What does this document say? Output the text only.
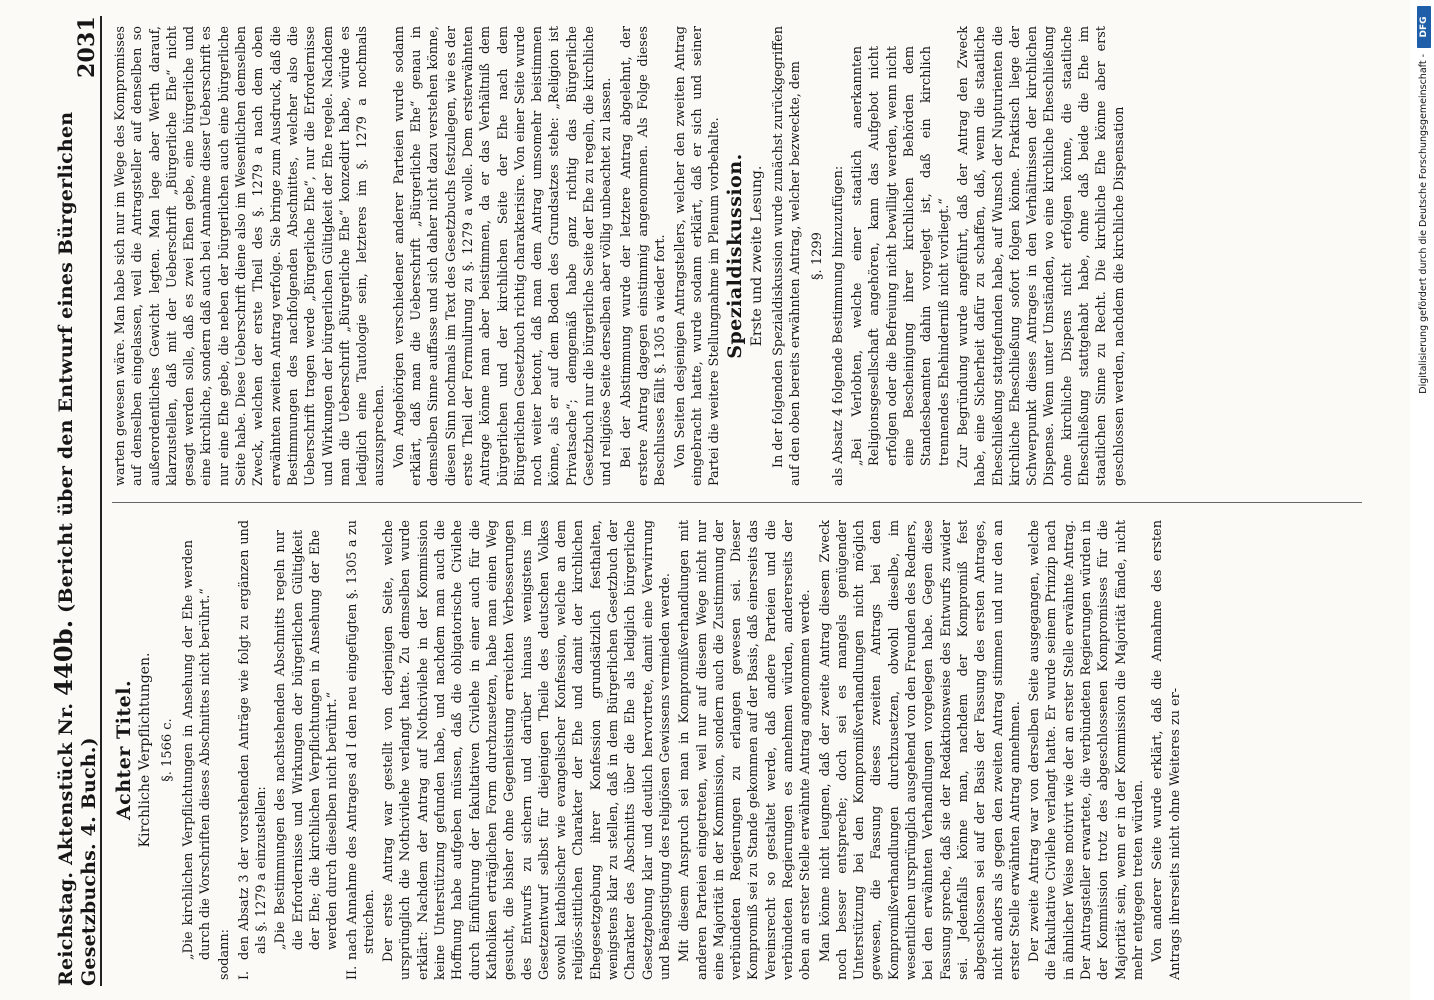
Reichstag. Aktenstück Nr. 440b. (Bericht über den Entwurf eines Bürgerlichen Gesetzbuchs. 4. Buch.)
2031
Achter Titel. Kirchliche Verpflichtungen. §. 1566 c. „Die kirchlichen Verpflichtungen in Ansehung der Ehe werden durch die Vorschriften dieses Abschnittes nicht berührt.“ sodann: I.den Absatz 3 der vorstehenden Anträge wie folgt zu ergänzen und als §. 1279 a einzustellen: „Die Bestimmungen des nachstehenden Abschnitts regeln nur die Erfordernisse und Wirkungen der bürgerlichen Gültigkeit der Ehe; die kirchlichen Verpflichtungen in Ansehung der Ehe werden durch dieselben nicht berührt.“

II.nach Annahme des Antrages ad I den neu eingefügten §. 1305 a zu streichen. Der erste Antrag war gestellt von derjenigen Seite, welche ursprünglich die Nothcivilehe verlangt hatte. Zu demselben wurde erklärt: Nachdem der Antrag auf Nothcivilehe in der Kommission keine Unterstützung gefunden habe, und nachdem man auch die Hoffnung habe aufgeben müssen, daß die obligatorische Civilehe durch Einführung der fakultativen Civilehe in einer auch für die Katholiken erträglichen Form durchzusetzen, habe man einen Weg gesucht, die bisher ohne Gegenleistung erreichten Verbesserungen des Entwurfs zu sichern und darüber hinaus wenigstens im Gesetzentwurf selbst für diejenigen Theile des deutschen Volkes sowohl katholischer wie evangelischer Konfession, welche an dem religiös-sittlichen Charakter der Ehe und damit der kirchlichen Ehegesetzgebung ihrer Konfession grundsätzlich festhalten, wenigstens klar zu stellen, daß in dem Bürgerlichen Gesetzbuch der Charakter des Abschnitts über die Ehe als lediglich bürgerliche Gesetzgebung klar und deutlich hervortrete, damit eine Verwirrung und Beängstigung des religiösen Gewissens vermieden werde. Mit diesem Anspruch sei man in Kompromißverhandlungen mit anderen Parteien eingetreten, weil nur auf diesem Wege nicht nur eine Majorität in der Kommission, sondern auch die Zustimmung der verbündeten Regierungen zu erlangen gewesen sei. Dieser Kompromiß sei zu Stande gekommen auf der Basis, daß einerseits das Vereinsrecht so gestaltet werde, daß andere Parteien und die verbündeten Regierungen es annehmen würden, andererseits der oben an erster Stelle erwähnte Antrag angenommen werde. Man könne nicht leugnen, daß der zweite Antrag diesem Zweck noch besser entspreche; doch sei es mangels genügender Unterstützung bei den Kompromißverhandlungen nicht möglich gewesen, die Fassung dieses zweiten Antrags bei den Kompromißverhandlungen durchzusetzen, obwohl dieselbe, im wesentlichen ursprünglich ausgehend von den Freunden des Redners, bei den erwähnten Verhandlungen vorgelegen habe. Gegen diese Fassung spreche, daß sie der Redaktionsweise des Entwurfs zuwider sei. Jedenfalls könne man, nachdem der Kompromiß fest abgeschlossen sei auf der Basis der Fassung des ersten Antrages, nicht anders als gegen den zweiten Antrag stimmen und nur den an erster Stelle erwähnten Antrag annehmen. Der zweite Antrag war von derselben Seite ausgegangen, welche die fakultative Civilehe verlangt hatte. Er wurde seinem Prinzip nach in ähnlicher Weise motivirt wie der an erster Stelle erwähnte Antrag. Der Antragsteller erwartete, die verbündeten Regierungen würden in der Kommission trotz des abgeschlossenen Kompromisses für die Majorität sein, wenn er in der Kommission die Majorität fände, nicht mehr entgegen treten würden. Von anderer Seite wurde erklärt, daß die Annahme des ersten Antrags ihrerseits nicht ohne Weiteres zu er-

warten gewesen wäre. Man habe sich nur im Wege des Kompromisses auf denselben eingelassen, weil die Antragsteller auf denselben so außerordentliches Gewicht legten. Man lege aber Werth darauf, klarzustellen, daß mit der Ueberschrift „Bürgerliche Ehe“ nicht gesagt werden solle, daß es zwei Ehen gebe, eine bürgerliche und eine kirchliche, sondern daß auch bei Annahme dieser Ueberschrift es nur eine Ehe gebe, die neben der bürgerlichen auch eine bürgerliche Seite habe. Diese Ueberschrift diene also im Wesentlichen demselben Zweck, welchen der erste Theil des §. 1279 a nach dem oben erwähnten zweiten Antrag verfolge. Sie bringe zum Ausdruck, daß die Bestimmungen des nachfolgenden Abschnittes, welcher also die Ueberschrift tragen werde „Bürgerliche Ehe“, nur die Erfordernisse und Wirkungen der bürgerlichen Gültigkeit der Ehe regele. Nachdem man die Ueberschrift „Bürgerliche Ehe“ konzedirt habe, würde es lediglich eine Tautologie sein, letzteres im §. 1279 a nochmals auszusprechen. Von Angehörigen verschiedener anderer Parteien wurde sodann erklärt, daß man die Ueberschrift „Bürgerliche Ehe“ genau in demselben Sinne auffasse und sich daher nicht dazu verstehen könne, diesen Sinn nochmals im Text des Gesetzbuchs festzulegen, wie es der erste Theil der Formulirung zu §. 1279 a wolle. Dem ersterwähnten Antrage könne man aber beistimmen, da er das Verhältniß dem bürgerlichen und der kirchlichen Seite der Ehe nach dem Bürgerlichen Gesetzbuch richtig charakterisire. Von einer Seite wurde noch weiter betont, daß man dem Antrag umsomehr beistimmen könne, als er auf dem Boden des Grundsatzes stehe: „Religion ist Privatsache“; demgemäß habe ganz richtig das Bürgerliche Gesetzbuch nur die bürgerliche Seite der Ehe zu regeln, die kirchliche und religiöse Seite derselben aber völlig unbeachtet zu lassen. Bei der Abstimmung wurde der letztere Antrag abgelehnt, der erstere Antrag dagegen einstimmig angenommen. Als Folge dieses Beschlusses fällt §. 1305 a wieder fort. Von Seiten desjenigen Antragstellers, welcher den zweiten Antrag eingebracht hatte, wurde sodann erklärt, daß er sich und seiner Partei die weitere Stellungnahme im Plenum vorbehalte. Spezialdiskussion. Erste und zweite Lesung. In der folgenden Spezialdiskussion wurde zunächst zurückgegriffen auf den oben bereits erwähnten Antrag, welcher bezweckte, dem §. 1299 als Absatz 4 folgende Bestimmung hinzuzufügen: „Bei Verlobten, welche einer staatlich anerkannten Religionsgesellschaft angehören, kann das Aufgebot nicht erfolgen oder die Befreiung nicht bewilligt werden, wenn nicht eine Bescheinigung ihrer kirchlichen Behörden dem Standesbeamten dahin vorgelegt ist, daß ein kirchlich trennendes Ehehinderniß nicht vorliegt.“ Zur Begründung wurde angeführt, daß der Antrag den Zweck habe, eine Sicherheit dafür zu schaffen, daß, wenn die staatliche Eheschließung stattgefunden habe, auf Wunsch der Nupturienten die kirchliche Eheschließung sofort folgen könne. Praktisch liege der Schwerpunkt dieses Antrages in den Verhältnissen der kirchlichen Dispense. Wenn unter Umständen, wo eine kirchliche Eheschließung ohne kirchliche Dispens nicht erfolgen könne, die staatliche Eheschließung stattgehabt habe, ohne daß beide die Ehe im staatlichen Sinne zu Recht. Die kirchliche Ehe könne aber erst geschlossen werden, nachdem die kirchliche Dispensation	Digitalisierung gefördert durch die Deutsche Forschungsgemeinschaft -
DFG
